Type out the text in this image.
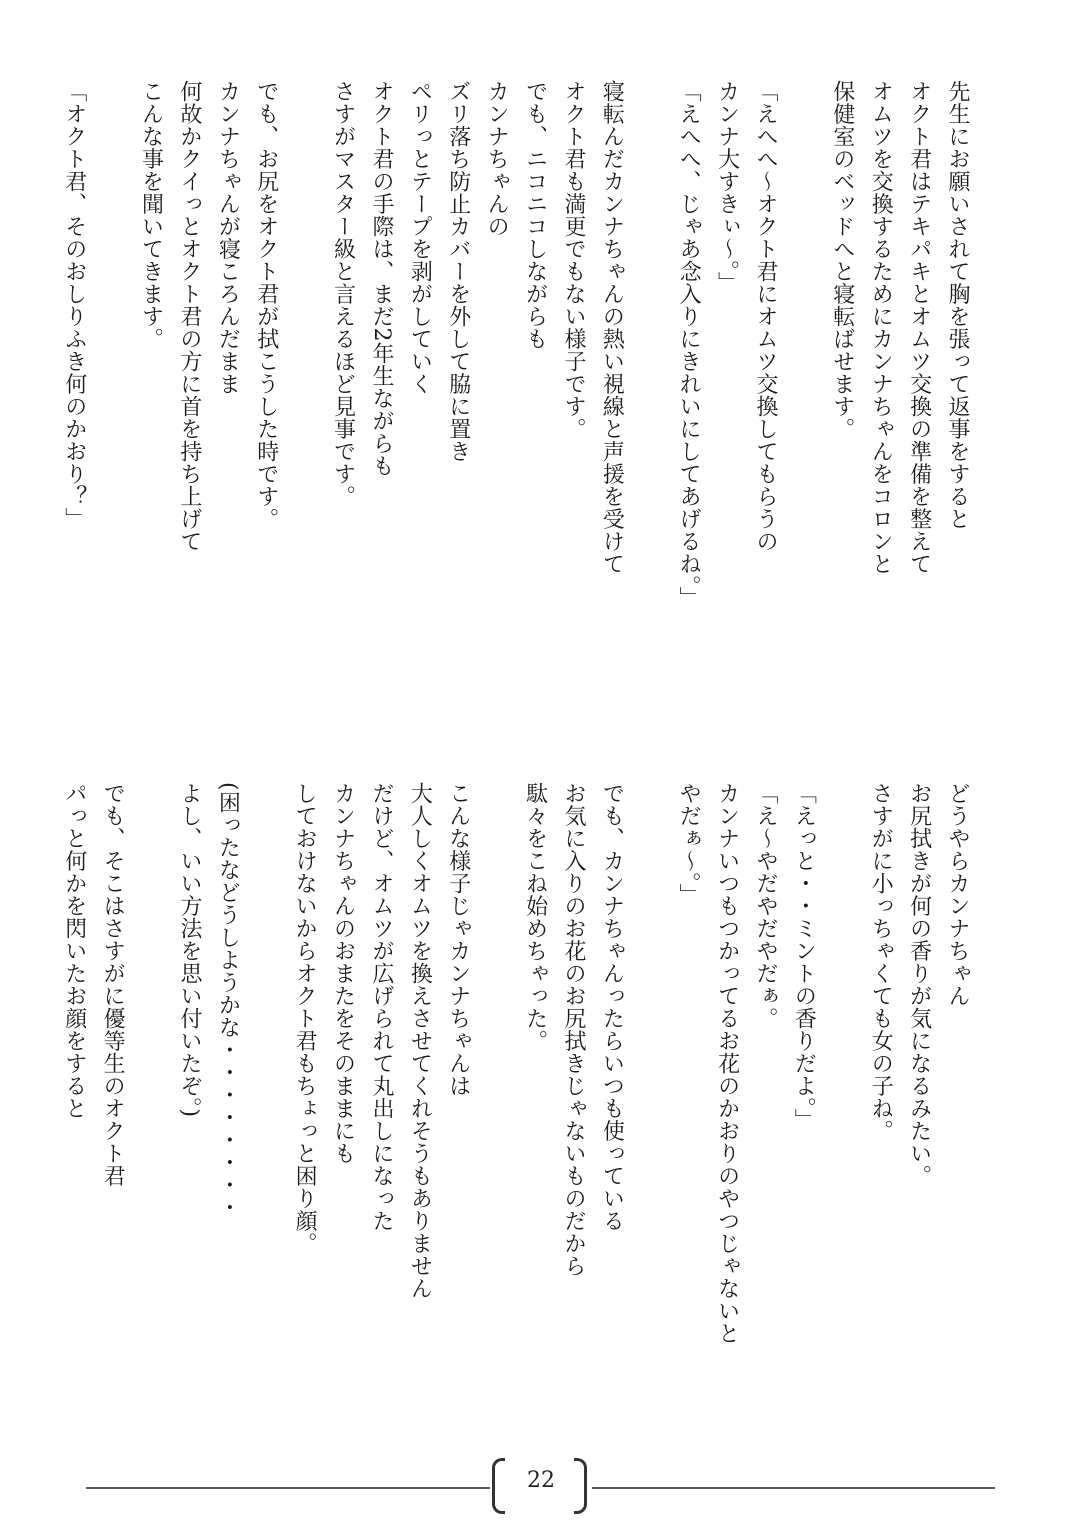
先生にお願いされて胸を張って返事をすると
オクト君はテキパキとオムツ交換の準備を整えて
オムツを交換するためにカンナちゃんをコロンと
保健室のベッドへと寝転ばせます。
「えへへ〜オクト君にオムツ交換してもらうの
カンナ大すきぃ〜。」
「えへへ、じゃあ念入りにきれいにしてあげるね。」
寝転んだカンナちゃんの熱い視線と声援を受けて
オクト君も満更でもない様子です。
でも、ニコニコしながらも
カンナちゃんの
ズリ落ち防止カバーを外して脇に置き
ペリっとテープを剥がしていく
オクト君の手際は、まだ2年生ながらも
さすがマスター級と言えるほど見事です。
でも、お尻をオクト君が拭こうした時です。
カンナちゃんが寝ころんだまま
何故かクイっとオクト君の方に首を持ち上げて
こんな事を聞いてきます。
「オクト君、そのおしりふき何のかおり？」
どうやらカンナちゃん
お尻拭きが何の香りが気になるみたい。
さすがに小っちゃくても女の子ね。
「えっと・・ミントの香りだよ。」
「え〜やだやだやだぁ。
カンナいつもつかってるお花のかおりのやつじゃないと
やだぁ〜。」
でも、カンナちゃんったらいつも使っている
お気に入りのお花のお尻拭きじゃないものだから
駄々をこね始めちゃった。
こんな様子じゃカンナちゃんは
大人しくオムツを換えさせてくれそうもありません
だけど、オムツが広げられて丸出しになった
カンナちゃんのおまたをそのままにも
しておけないからオクト君もちょっと困り顔。
(困ったなどうしようかな・・・・・・・・
よし、いい方法を思い付いたぞ。)
でも、そこはさすがに優等生のオクト君
パっと何かを閃いたお顔をすると
22
